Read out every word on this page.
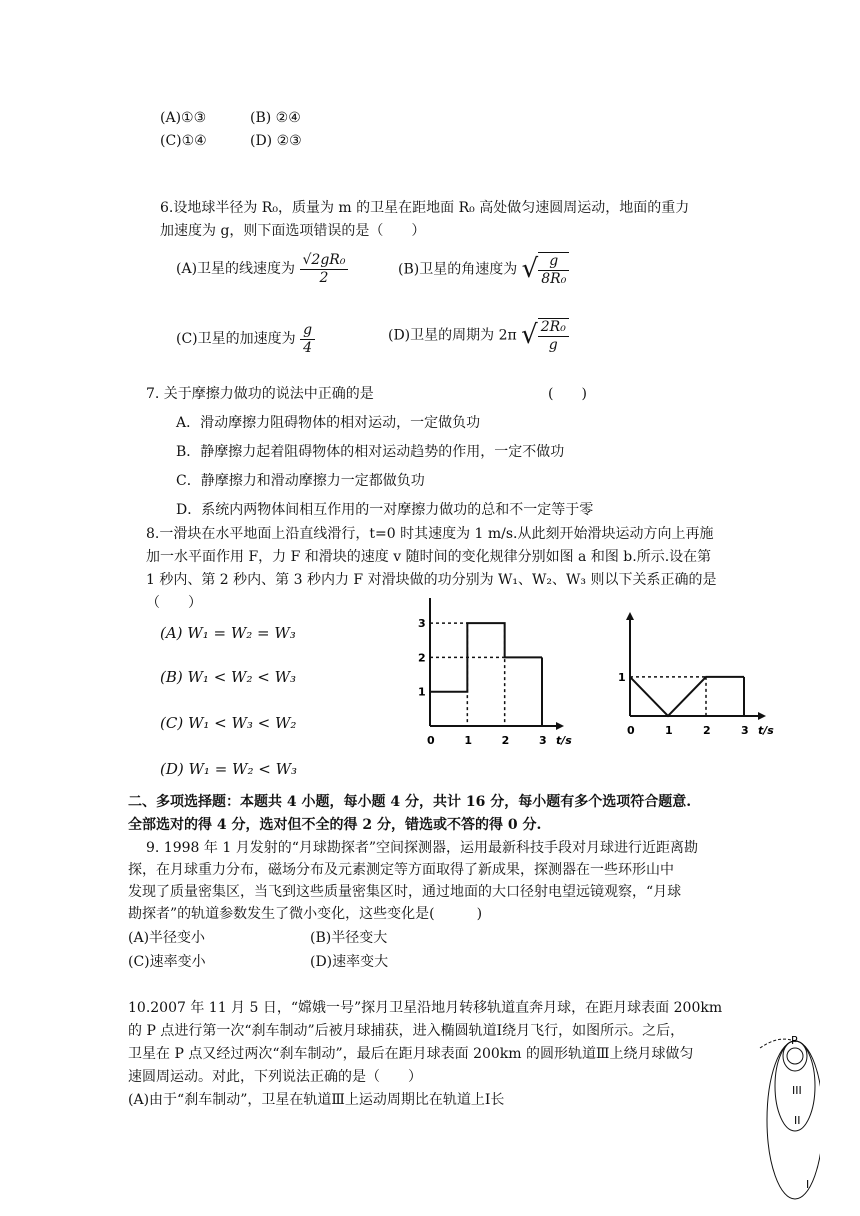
(A)①③	(B) ②④
(C)①④	(D) ②③
6.设地球半径为 R₀，质量为 m 的卫星在距地面 R₀ 高处做匀速圆周运动，地面的重力
加速度为 g，则下面选项错误的是（　　）
(A)卫星的线速度为 $\frac{\text{√2gR₀}}{2}$	(B)卫星的角速度为 √ $\frac{g}{\text{8R₀}}$
(C)卫星的加速度为 $\frac{g}{4}$	(D)卫星的周期为 2π √ $\frac{\text{2R₀}}{g}$
7. 关于摩擦力做功的说法中正确的是	(　　)
A．滑动摩擦力阻碍物体的相对运动，一定做负功
B．静摩擦力起着阻碍物体的相对运动趋势的作用，一定不做功
C．静摩擦力和滑动摩擦力一定都做负功
D．系统内两物体间相互作用的一对摩擦力做功的总和不一定等于零
8.一滑块在水平地面上沿直线滑行，t=0 时其速度为 1 m/s.从此刻开始滑块运动方向上再施
加一水平面作用 F，力 F 和滑块的速度 v 随时间的变化规律分别如图 a 和图 b.所示.设在第
1 秒内、第 2 秒内、第 3 秒内力 F 对滑块做的功分别为 W₁、W₂、W₃ 则以下关系正确的是
（　　）
(A) W₁ = W₂ = W₃
(B) W₁ < W₂ < W₃
(C) W₁ < W₃ < W₂
(D) W₁ = W₂ < W₃
t/s
0	1	2	3
1
2
3
t/s
0	1	2	3
1
二、多项选择题：本题共 4 小题，每小题 4 分，共计 16 分，每小题有多个选项符合题意.
全部选对的得 4 分，选对但不全的得 2 分，错选或不答的得 0 分.
9. 1998 年 1 月发射的“月球勘探者”空间探测器，运用最新科技手段对月球进行近距离勘
探，在月球重力分布，磁场分布及元素测定等方面取得了新成果，探测器在一些环形山中
发现了质量密集区，当飞到这些质量密集区时，通过地面的大口径射电望远镜观察，“月球
勘探者”的轨道参数发生了微小变化，这些变化是(　　　)
(A)半径变小	(B)半径变大
(C)速率变小	(D)速率变大
10.2007 年 11 月 5 日，“嫦娥一号”探月卫星沿地月转移轨道直奔月球，在距月球表面 200km
的 P 点进行第一次“刹车制动”后被月球捕获，进入椭圆轨道Ⅰ绕月飞行，如图所示。之后，
卫星在 P 点又经过两次“刹车制动”，最后在距月球表面 200km 的圆形轨道Ⅲ上绕月球做匀
速圆周运动。对此，下列说法正确的是（　　）
(A)由于“刹车制动”，卫星在轨道Ⅲ上运动周期比在轨道上Ⅰ长
P
III
II
I
